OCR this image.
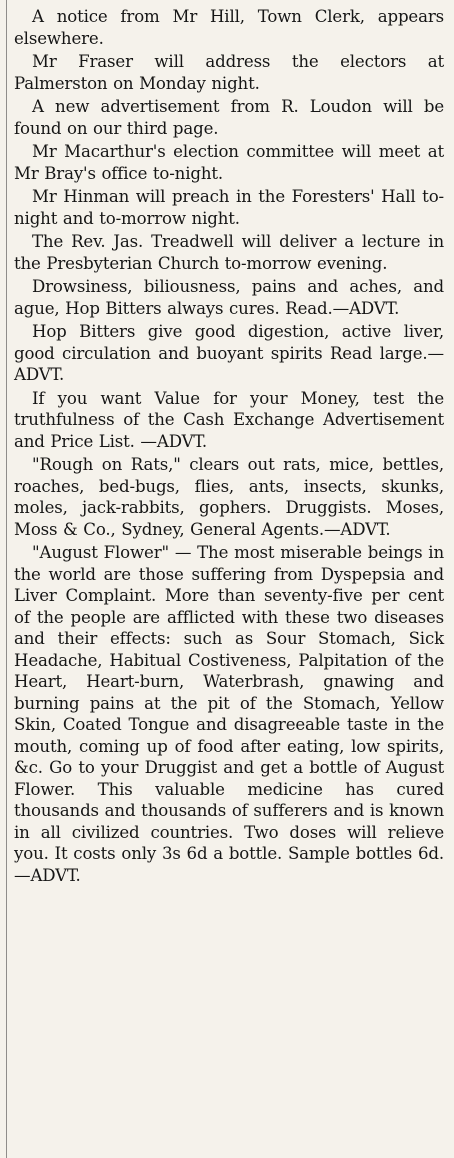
A notice from Mr Hill, Town Clerk, appears elsewhere.

Mr Fraser will address the electors at Palmerston on Monday night.

A new advertisement from R. Loudon will be found on our third page.

Mr Macarthur's election committee will meet at Mr Bray's office to-night.

Mr Hinman will preach in the Foresters' Hall to-night and to-morrow night.

The Rev. Jas. Treadwell will deliver a lecture in the Presbyterian Church to-morrow evening.

Drowsiness, biliousness, pains and aches, and ague, Hop Bitters always cures. Read.—ADVT.

Hop Bitters give good digestion, active liver, good circulation and buoyant spirits Read large.—ADVT.

If you want Value for your Money, test the truthfulness of the Cash Exchange Advertisement and Price List. —ADVT.

"Rough on Rats," clears out rats, mice, bettles, roaches, bed-bugs, flies, ants, insects, skunks, moles, jack-rabbits, gophers. Druggists. Moses, Moss & Co., Sydney, General Agents.—ADVT.

"August Flower" — The most miserable beings in the world are those suffering from Dyspepsia and Liver Complaint. More than seventy-five per cent of the people are afflicted with these two diseases and their effects: such as Sour Stomach, Sick Headache, Habitual Costiveness, Palpitation of the Heart, Heart-burn, Waterbrash, gnawing and burning pains at the pit of the Stomach, Yellow Skin, Coated Tongue and disagreeable taste in the mouth, coming up of food after eating, low spirits, &c. Go to your Druggist and get a bottle of August Flower. This valuable medicine has cured thousands and thousands of sufferers and is known in all civilized countries. Two doses will relieve you. It costs only 3s 6d a bottle. Sample bottles 6d.—ADVT.
